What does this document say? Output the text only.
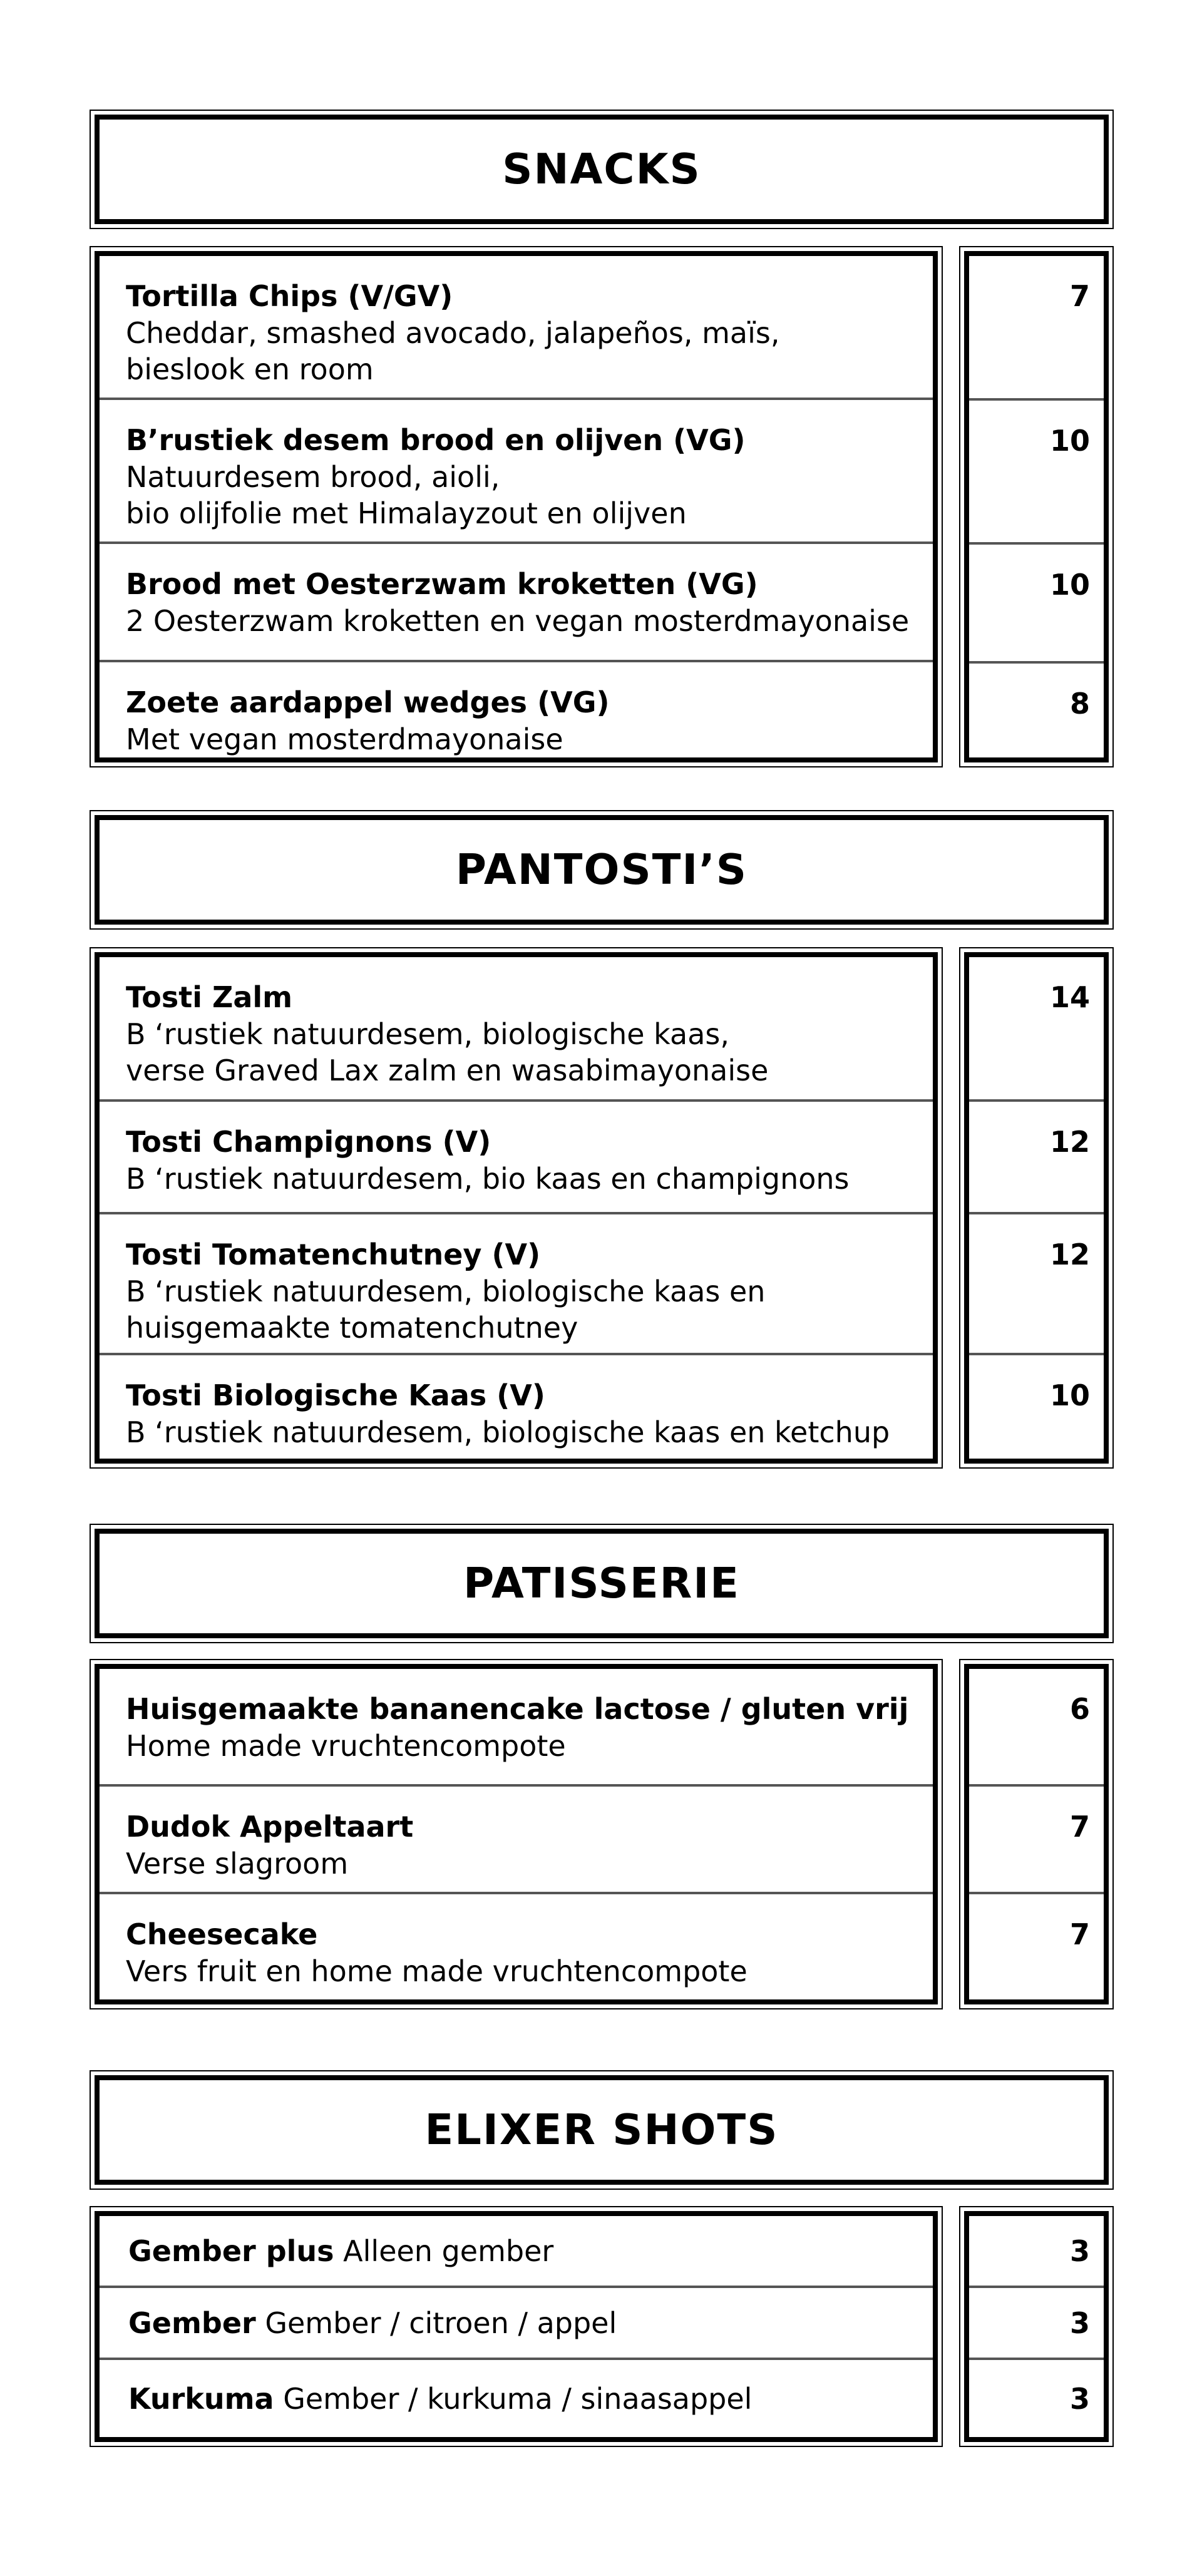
SNACKS
Tortilla Chips (V/GV)
Cheddar, smashed avocado, jalapeños, maïs,
bieslook en room
B’rustiek desem brood en olijven (VG)
Natuurdesem brood, aioli,
bio olijfolie met Himalayzout en olijven
Brood met Oesterzwam kroketten (VG)
2 Oesterzwam kroketten en vegan mosterdmayonaise
Zoete aardappel wedges (VG)
Met vegan mosterdmayonaise
7
10
10
8
PANTOSTI’S
Tosti Zalm
B ‘rustiek natuurdesem, biologische kaas,
verse Graved Lax zalm en wasabimayonaise
Tosti Champignons (V)
B ‘rustiek natuurdesem, bio kaas en champignons
Tosti Tomatenchutney (V)
B ‘rustiek natuurdesem, biologische kaas en
huisgemaakte tomatenchutney
Tosti Biologische Kaas (V)
B ‘rustiek natuurdesem, biologische kaas en ketchup
14
12
12
10
PATISSERIE
Huisgemaakte bananencake lactose / gluten vrij
Home made vruchtencompote
Dudok Appeltaart
Verse slagroom
Cheesecake
Vers fruit en home made vruchtencompote
6
7
7
ELIXER SHOTS
Gember plus Alleen gember
Gember Gember / citroen / appel
Kurkuma Gember / kurkuma / sinaasappel
3
3
3
